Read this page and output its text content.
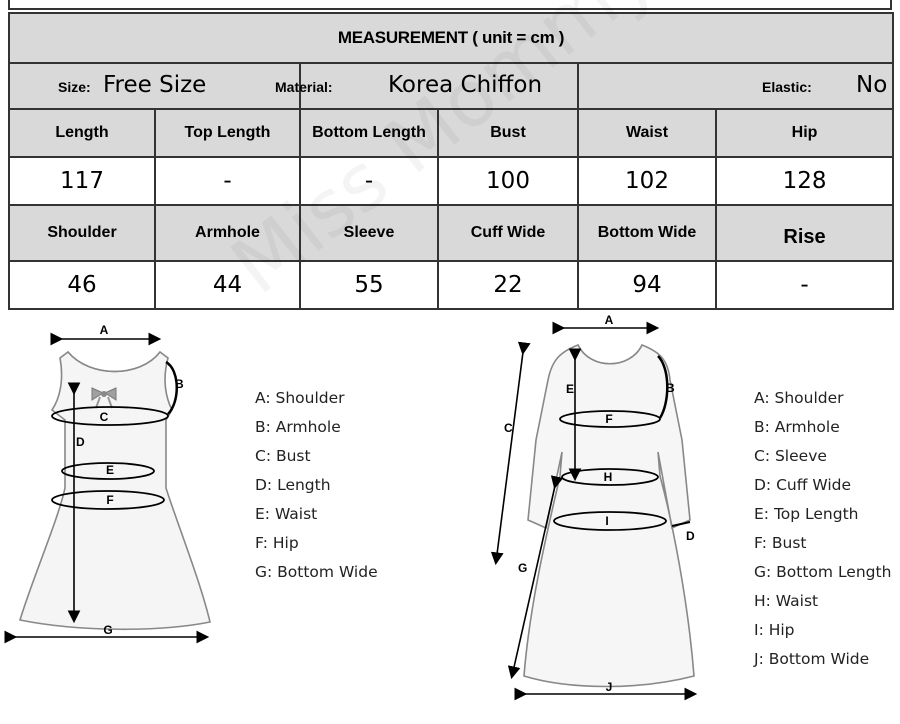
MEASUREMENT ( unit = cm )					

Size: Free Size		Material: Korea Chiffon		Elastic: No	

Length	Top Length	Bottom Length	Bust	Waist	Hip
117	-	-	100	102	128
Shoulder	Armhole	Sleeve	Cuff Wide	Bottom Wide	Rise
46	44	55	22	94	-
A
B
C
D
E
F
G
A: Shoulder
B: Armhole
C: Bust
D: Length
E: Waist
F: Hip
G: Bottom Wide
A
B
C
D
E
F
G
H
I
J
A: Shoulder
B: Armhole
C: Sleeve
D: Cuff Wide
E: Top Length
F: Bust
G: Bottom Length
H: Waist
I: Hip
J: Bottom Wide
